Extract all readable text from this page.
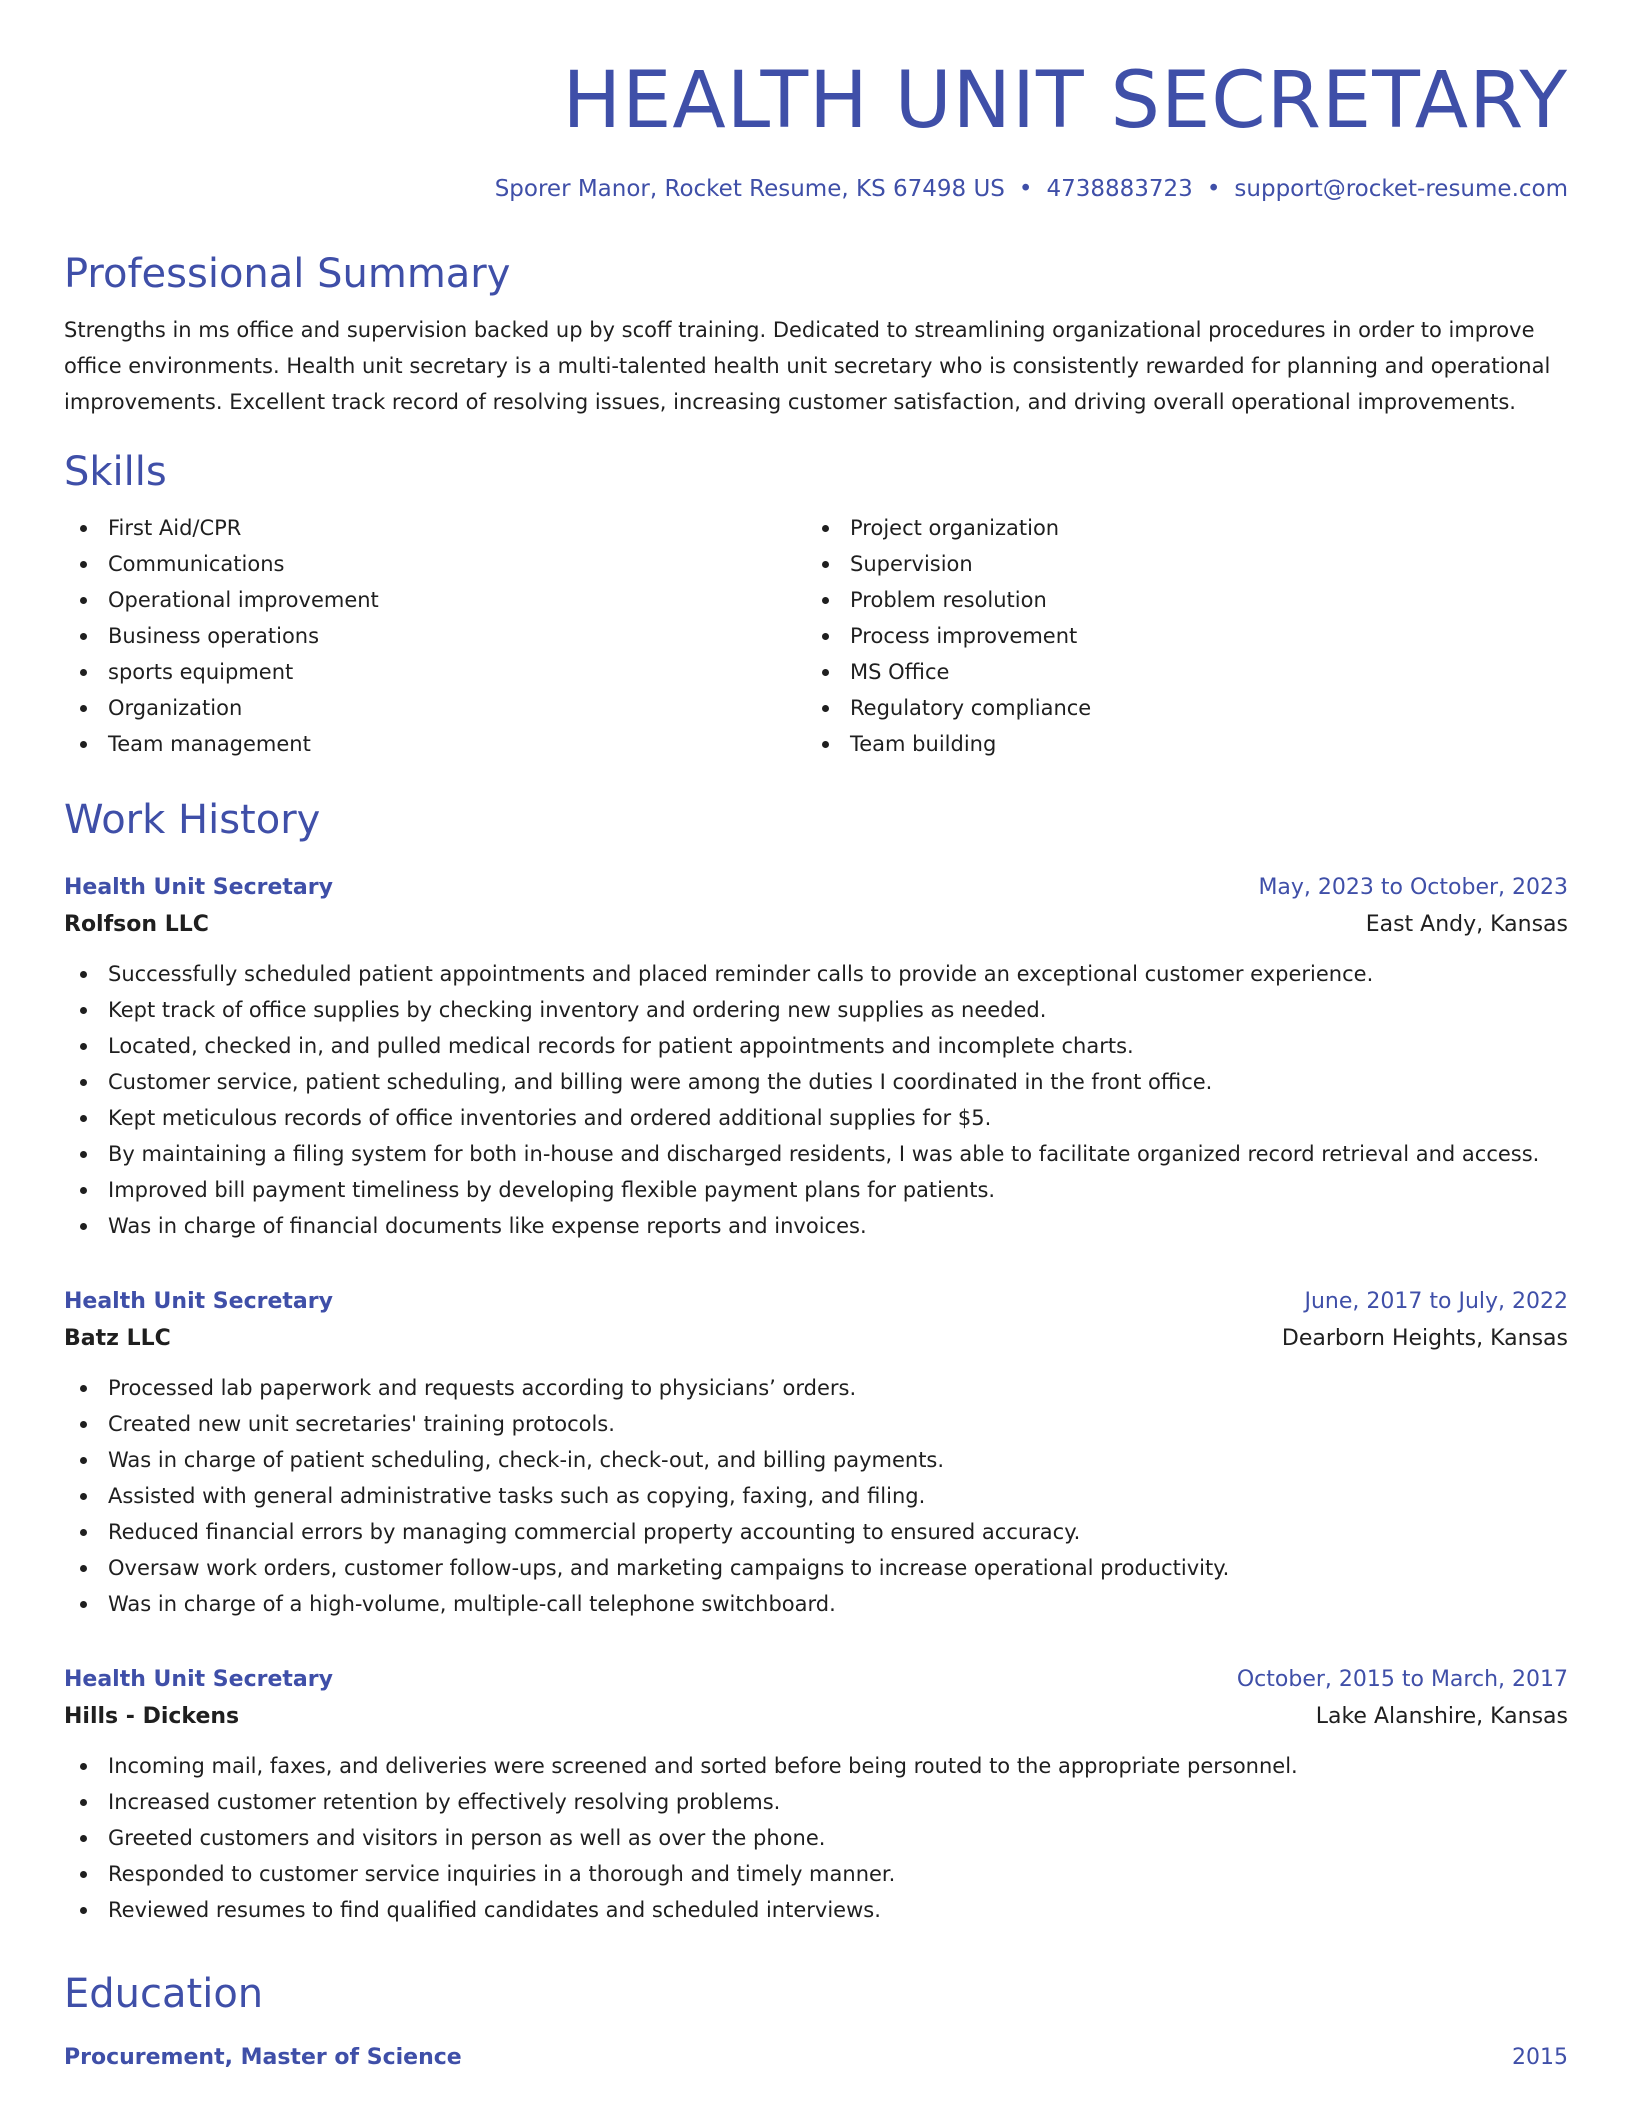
HEALTH UNIT SECRETARY
Sporer Manor, Rocket Resume, KS 67498 US • 4738883723 • support@rocket-resume.com
Professional Summary
Strengths in ms office and supervision backed up by scoff training. Dedicated to streamlining organizational procedures in order to improve office environments. Health unit secretary is a multi-talented health unit secretary who is consistently rewarded for planning and operational improvements. Excellent track record of resolving issues, increasing customer satisfaction, and driving overall operational improvements.
Skills
First Aid/CPR
Communications
Operational improvement
Business operations
sports equipment
Organization
Team management
Project organization
Supervision
Problem resolution
Process improvement
MS Office
Regulatory compliance
Team building
Work History
Health Unit Secretary	May, 2023 to October, 2023
Rolfson LLC	East Andy, Kansas
Successfully scheduled patient appointments and placed reminder calls to provide an exceptional customer experience.
Kept track of office supplies by checking inventory and ordering new supplies as needed.
Located, checked in, and pulled medical records for patient appointments and incomplete charts.
Customer service, patient scheduling, and billing were among the duties I coordinated in the front office.
Kept meticulous records of office inventories and ordered additional supplies for $5.
By maintaining a filing system for both in-house and discharged residents, I was able to facilitate organized record retrieval and access.
Improved bill payment timeliness by developing flexible payment plans for patients.
Was in charge of financial documents like expense reports and invoices.
Health Unit Secretary	June, 2017 to July, 2022
Batz LLC	Dearborn Heights, Kansas
Processed lab paperwork and requests according to physicians’ orders.
Created new unit secretaries' training protocols.
Was in charge of patient scheduling, check-in, check-out, and billing payments.
Assisted with general administrative tasks such as copying, faxing, and filing.
Reduced financial errors by managing commercial property accounting to ensured accuracy.
Oversaw work orders, customer follow-ups, and marketing campaigns to increase operational productivity.
Was in charge of a high-volume, multiple-call telephone switchboard.
Health Unit Secretary	October, 2015 to March, 2017
Hills - Dickens	Lake Alanshire, Kansas
Incoming mail, faxes, and deliveries were screened and sorted before being routed to the appropriate personnel.
Increased customer retention by effectively resolving problems.
Greeted customers and visitors in person as well as over the phone.
Responded to customer service inquiries in a thorough and timely manner.
Reviewed resumes to find qualified candidates and scheduled interviews.
Education
Procurement, Master of Science	2015
